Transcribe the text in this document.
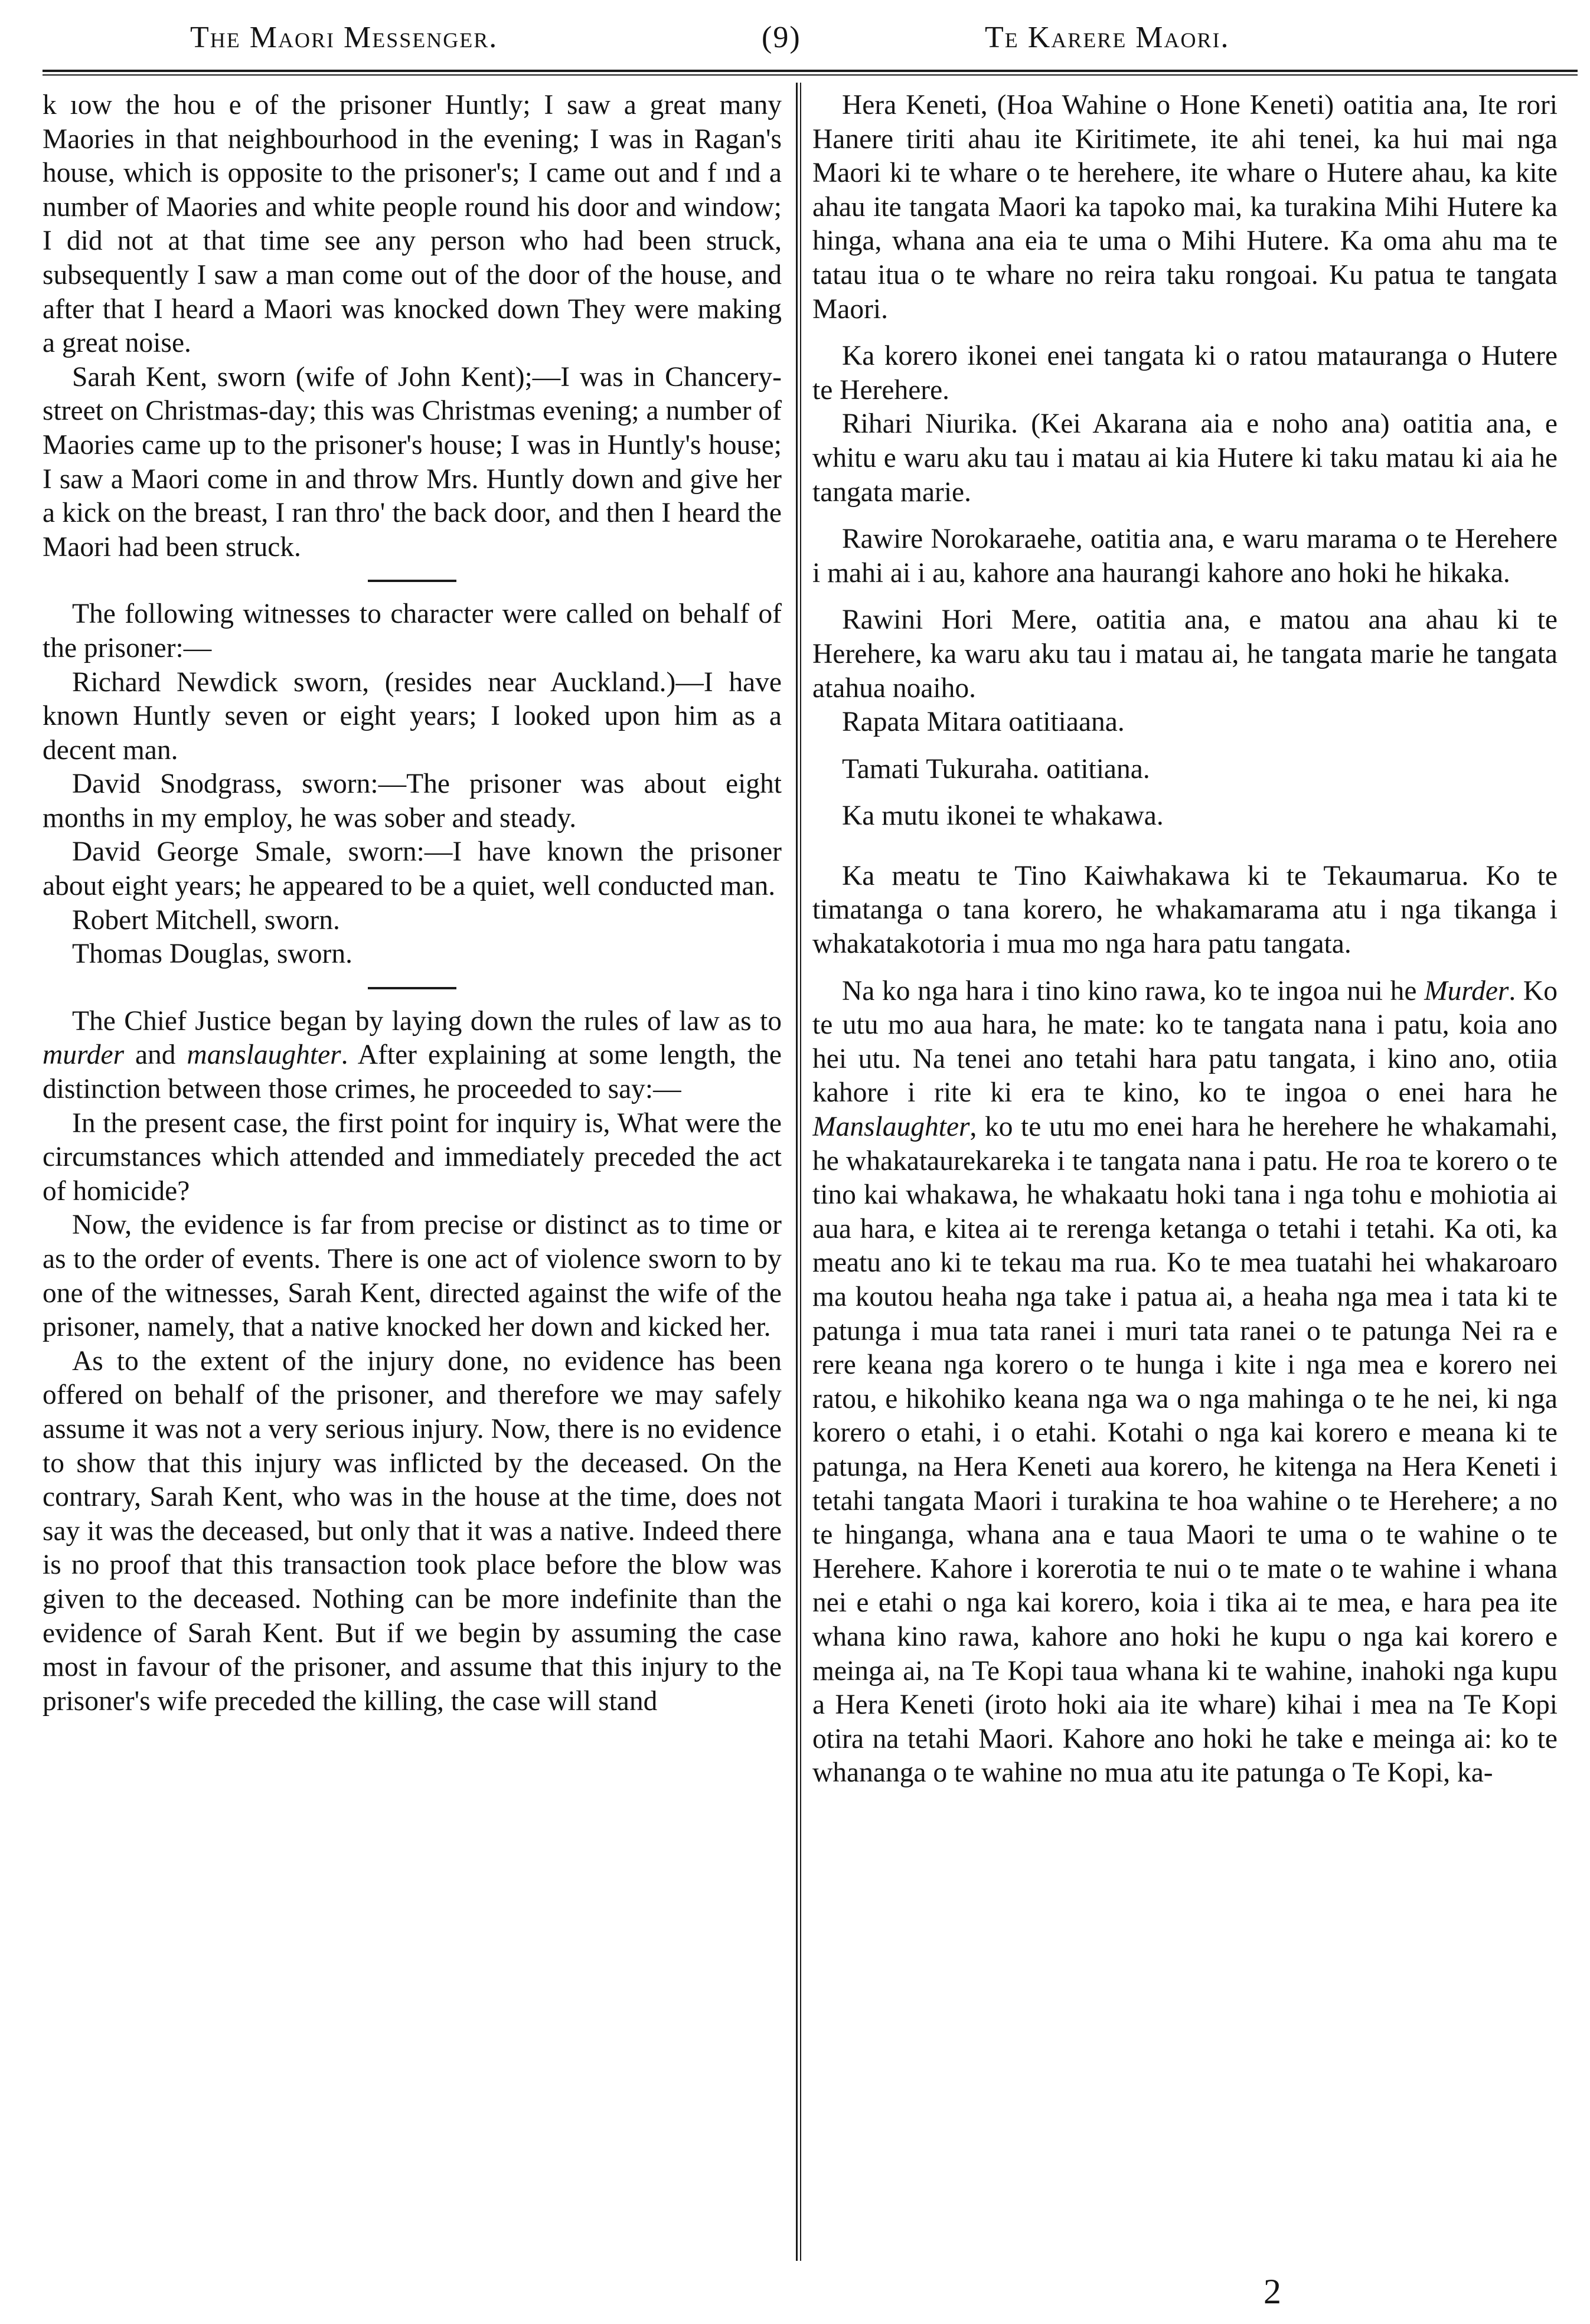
The Maori Messenger.	(9)	Te Karere Maori.

k ıow the hou e of the prisoner Huntly; I saw a great many Maories in that neighbourhood in the evening; I was in Ragan's house, which is opposite to the prisoner's; I came out and f ınd a number of Maories and white people round his door and window; I did not at that time see any person who had been struck, subsequently I saw a man come out of the door of the house, and after that I heard a Maori was knocked down They were making a great noise.

Sarah Kent, sworn (wife of John Kent);—I was in Chancery-street on Christmas-day; this was Christmas evening; a number of Maories came up to the prisoner's house; I was in Huntly's house; I saw a Maori come in and throw Mrs. Huntly down and give her a kick on the breast, I ran thro' the back door, and then I heard the Maori had been struck.

The following witnesses to character were called on behalf of the prisoner:—

Richard Newdick sworn, (resides near Auckland.)—I have known Huntly seven or eight years; I looked upon him as a decent man.

David Snodgrass, sworn:—The prisoner was about eight months in my employ, he was sober and steady.

David George Smale, sworn:—I have known the prisoner about eight years; he appeared to be a quiet, well conducted man.

Robert Mitchell, sworn.

Thomas Douglas, sworn.

The Chief Justice began by laying down the rules of law as to murder and manslaughter. After explaining at some length, the distinction between those crimes, he proceeded to say:—

In the present case, the first point for inquiry is, What were the circumstances which attended and immediately preceded the act of homicide?

Now, the evidence is far from precise or distinct as to time or as to the order of events. There is one act of violence sworn to by one of the witnesses, Sarah Kent, directed against the wife of the prisoner, namely, that a native knocked her down and kicked her.

As to the extent of the injury done, no evidence has been offered on behalf of the prisoner, and therefore we may safely assume it was not a very serious injury. Now, there is no evidence to show that this injury was inflicted by the deceased. On the contrary, Sarah Kent, who was in the house at the time, does not say it was the deceased, but only that it was a native. Indeed there is no proof that this transaction took place before the blow was given to the deceased. Nothing can be more indefinite than the evidence of Sarah Kent. But if we begin by assuming the case most in favour of the prisoner, and assume that this injury to the prisoner's wife preceded the killing, the case will stand

Hera Keneti, (Hoa Wahine o Hone Keneti) oatitia ana, Ite rori Hanere tiriti ahau ite Kiritimete, ite ahi tenei, ka hui mai nga Maori ki te whare o te herehere, ite whare o Hutere ahau, ka kite ahau ite tangata Maori ka tapoko mai, ka turakina Mihi Hutere ka hinga, whana ana eia te uma o Mihi Hutere. Ka oma ahu ma te tatau itua o te whare no reira taku rongoai. Ku patua te tangata Maori.

Ka korero ikonei enei tangata ki o ratou matauranga o Hutere te Herehere.

Rihari Niurika. (Kei Akarana aia e noho ana) oatitia ana, e whitu e waru aku tau i matau ai kia Hutere ki taku matau ki aia he tangata marie.

Rawire Norokaraehe, oatitia ana, e waru marama o te Herehere i mahi ai i au, kahore ana haurangi kahore ano hoki he hikaka.

Rawini Hori Mere, oatitia ana, e matou ana ahau ki te Herehere, ka waru aku tau i matau ai, he tangata marie he tangata atahua noaiho.

Rapata Mitara oatitiaana.

Tamati Tukuraha. oatitiana.

Ka mutu ikonei te whakawa.

Ka meatu te Tino Kaiwhakawa ki te Tekaumarua. Ko te timatanga o tana korero, he whakamarama atu i nga tikanga i whakatakotoria i mua mo nga hara patu tangata.

Na ko nga hara i tino kino rawa, ko te ingoa nui he Murder. Ko te utu mo aua hara, he mate: ko te tangata nana i patu, koia ano hei utu. Na tenei ano tetahi hara patu tangata, i kino ano, otiia kahore i rite ki era te kino, ko te ingoa o enei hara he Manslaughter, ko te utu mo enei hara he herehere he whakamahi, he whakataurekareka i te tangata nana i patu. He roa te korero o te tino kai whakawa, he whakaatu hoki tana i nga tohu e mohiotia ai aua hara, e kitea ai te rerenga ketanga o tetahi i tetahi. Ka oti, ka meatu ano ki te tekau ma rua. Ko te mea tuatahi hei whakaroaro ma koutou heaha nga take i patua ai, a heaha nga mea i tata ki te patunga i mua tata ranei i muri tata ranei o te patunga Nei ra e rere keana nga korero o te hunga i kite i nga mea e korero nei ratou, e hikohiko keana nga wa o nga mahinga o te he nei, ki nga korero o etahi, i o etahi. Kotahi o nga kai korero e meana ki te patunga, na Hera Keneti aua korero, he kitenga na Hera Keneti i tetahi tangata Maori i turakina te hoa wahine o te Herehere; a no te hinganga, whana ana e taua Maori te uma o te wahine o te Herehere. Kahore i korerotia te nui o te mate o te wahine i whana nei e etahi o nga kai korero, koia i tika ai te mea, e hara pea ite whana kino rawa, kahore ano hoki he kupu o nga kai korero e meinga ai, na Te Kopi taua whana ki te wahine, inahoki nga kupu a Hera Keneti (iroto hoki aia ite whare) kihai i mea na Te Kopi otira na tetahi Maori. Kahore ano hoki he take e meinga ai: ko te whananga o te wahine no mua atu ite patunga o Te Kopi, ka-

2
